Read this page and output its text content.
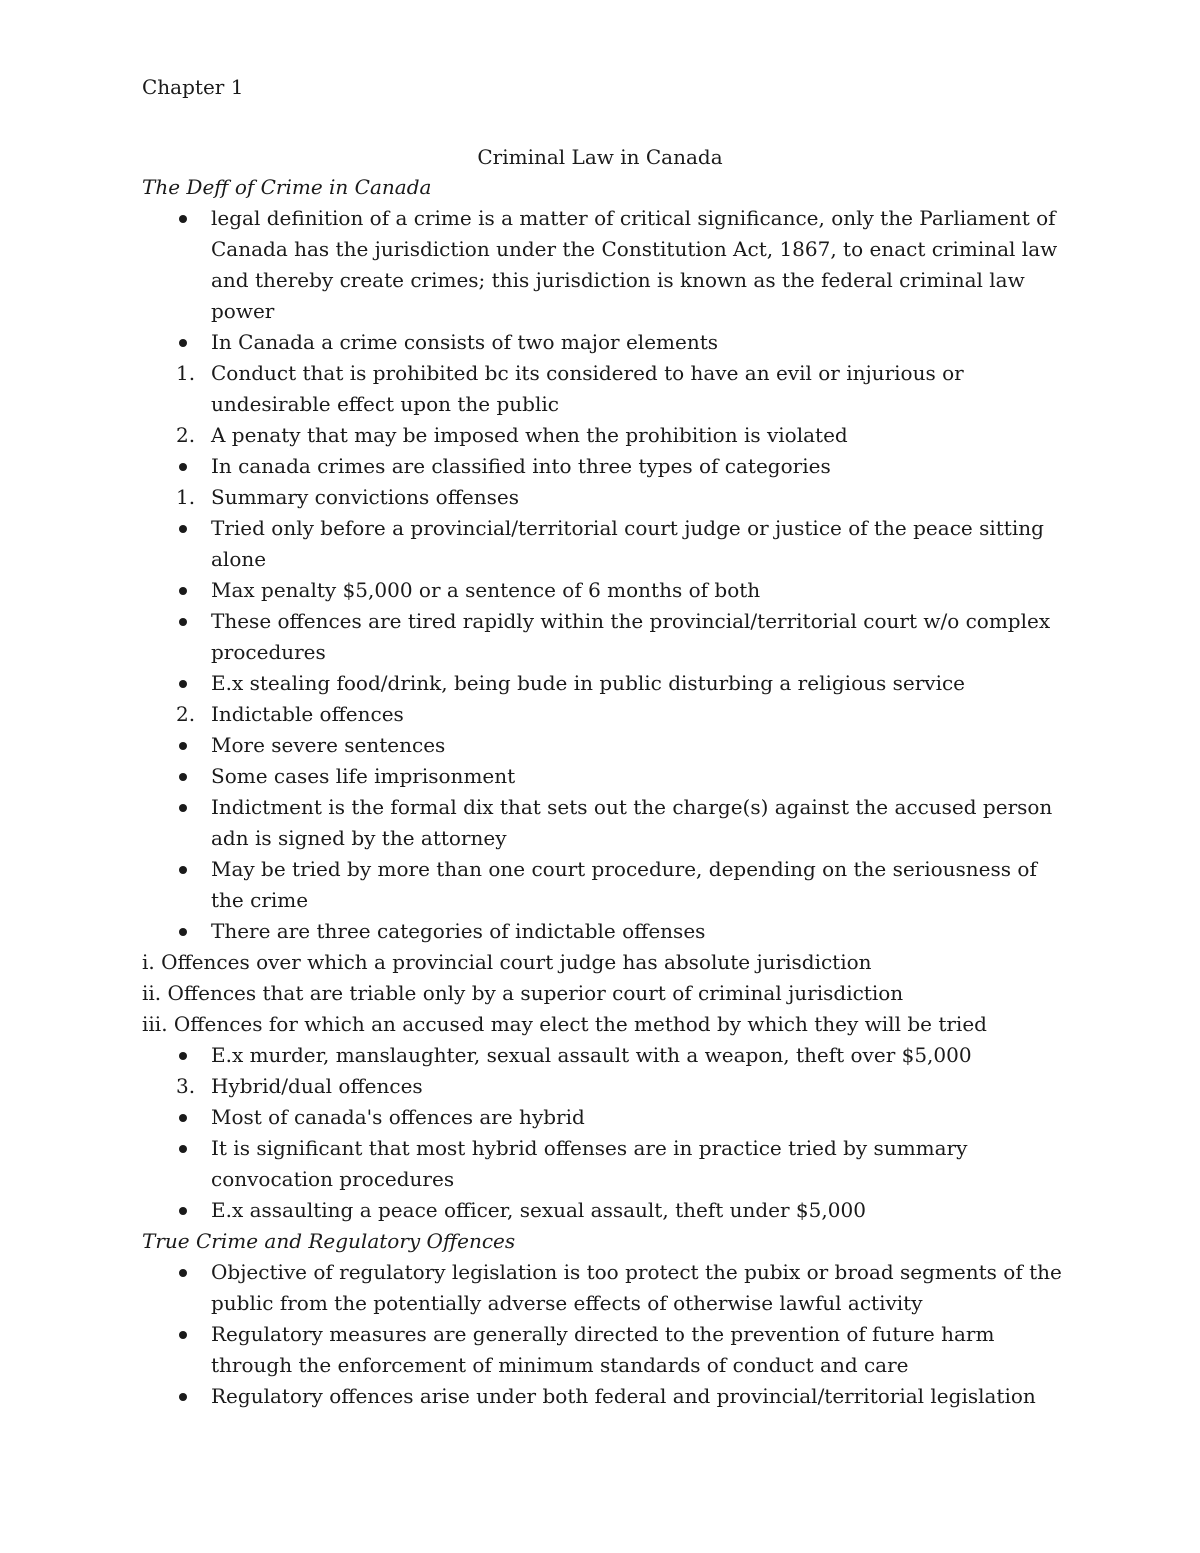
Chapter 1
Criminal Law in Canada
The Deff of Crime in Canada
legal definition of a crime is a matter of critical significance, only the Parliament of Canada has the jurisdiction under the Constitution Act, 1867, to enact criminal law and thereby create crimes; this jurisdiction is known as the federal criminal law power
In Canada a crime consists of two major elements
1. Conduct that is prohibited bc its considered to have an evil or injurious or undesirable effect upon the public
2. A penaty that may be imposed when the prohibition is violated
In canada crimes are classified into three types of categories
1. Summary convictions offenses
Tried only before a provincial/territorial court judge or justice of the peace sitting alone
Max penalty $5,000 or a sentence of 6 months of both
These offences are tired rapidly within the provincial/territorial court w/o complex procedures
E.x stealing food/drink, being bude in public disturbing a religious service
2. Indictable offences
More severe sentences
Some cases life imprisonment
Indictment is the formal dix that sets out the charge(s) against the accused person adn is signed by the attorney
May be tried by more than one court procedure, depending on the seriousness of the crime
There are three categories of indictable offenses
i. Offences over which a provincial court judge has absolute jurisdiction
ii. Offences that are triable only by a superior court of criminal jurisdiction
iii. Offences for which an accused may elect the method by which they will be tried
E.x murder, manslaughter, sexual assault with a weapon, theft over $5,000
3. Hybrid/dual offences
Most of canada's offences are hybrid
It is significant that most hybrid offenses are in practice tried by summary convocation procedures
E.x assaulting a peace officer, sexual assault, theft under $5,000
True Crime and Regulatory Offences
Objective of regulatory legislation is too protect the pubix or broad segments of the public from the potentially adverse effects of otherwise lawful activity
Regulatory measures are generally directed to the prevention of future harm through the enforcement of minimum standards of conduct and care
Regulatory offences arise under both federal and provincial/territorial legislation
